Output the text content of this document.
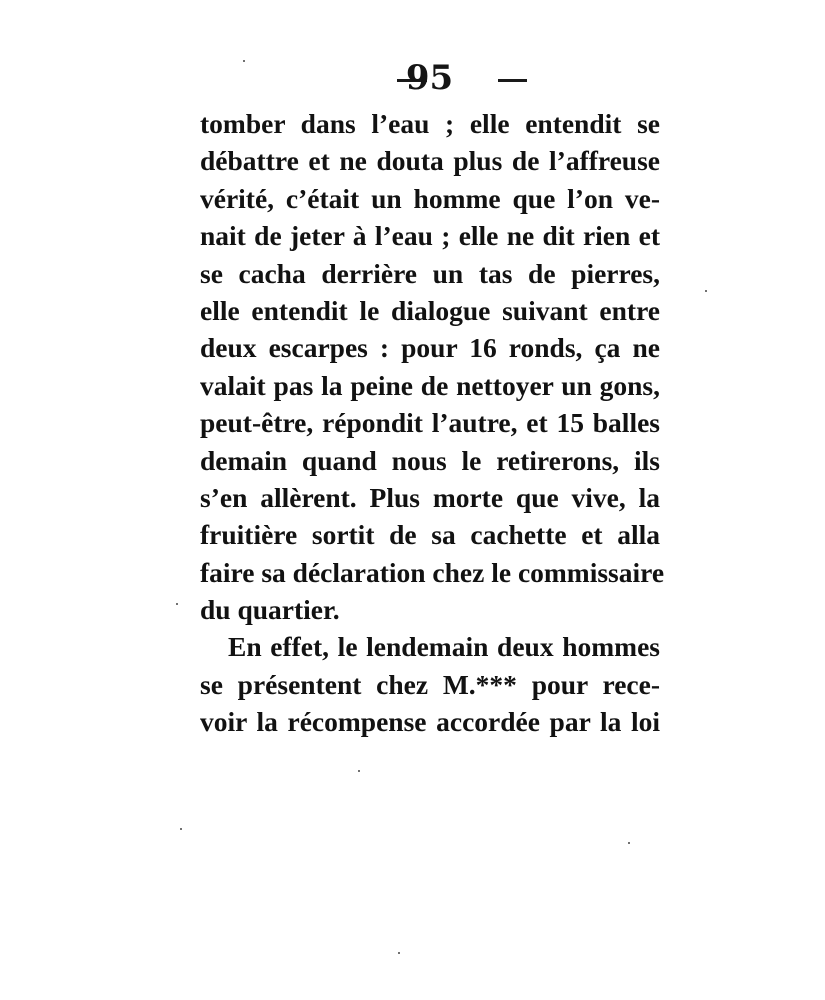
95
tomber dans l’eau ; elle entendit se
débattre et ne douta plus de l’affreuse
vérité, c’était un homme que l’on ve-
nait de jeter à l’eau ; elle ne dit rien et
se cacha derrière un tas de pierres,
elle entendit le dialogue suivant entre
deux escarpes : pour 16 ronds, ça ne
valait pas la peine de nettoyer un gons,
peut-être, répondit l’autre, et 15 balles
demain quand nous le retirerons, ils
s’en allèrent. Plus morte que vive, la
fruitière sortit de sa cachette et alla
faire sa déclaration chez le commissaire
du quartier.
En effet, le lendemain deux hommes
se présentent chez M.*** pour rece-
voir la récompense accordée par la loi
